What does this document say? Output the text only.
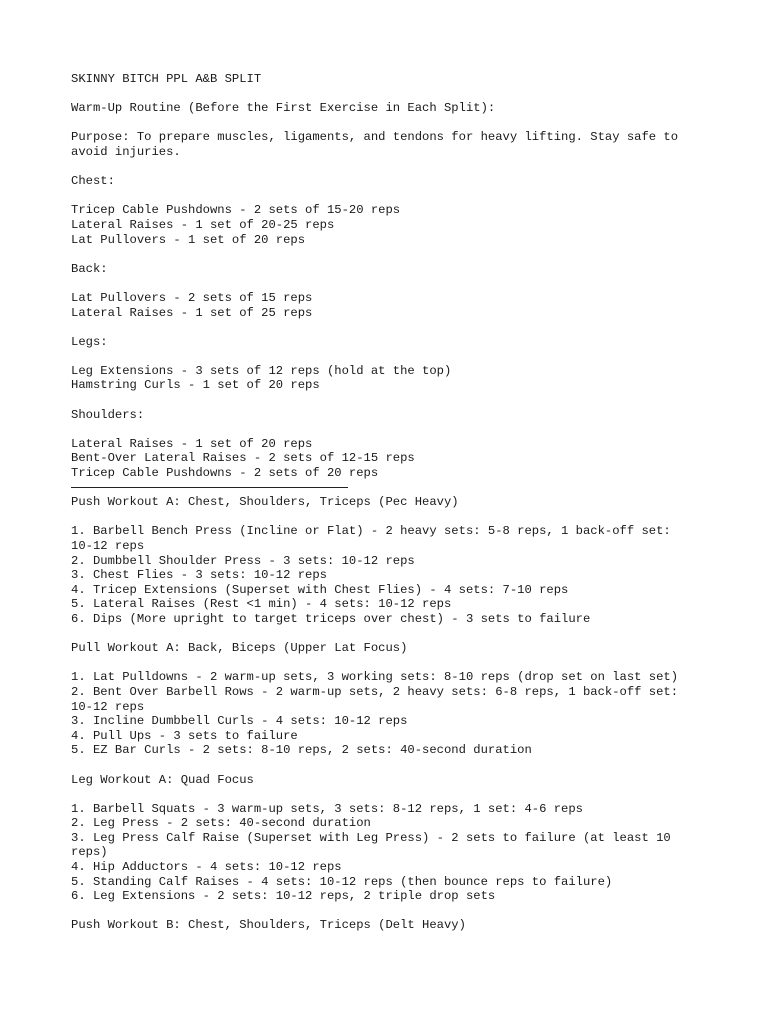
SKINNY BITCH PPL A&B SPLIT
Warm-Up Routine (Before the First Exercise in Each Split):
Purpose: To prepare muscles, ligaments, and tendons for heavy lifting. Stay safe to
avoid injuries.
Chest:
Tricep Cable Pushdowns - 2 sets of 15-20 reps
Lateral Raises - 1 set of 20-25 reps
Lat Pullovers - 1 set of 20 reps
Back:
Lat Pullovers - 2 sets of 15 reps
Lateral Raises - 1 set of 25 reps
Legs:
Leg Extensions - 3 sets of 12 reps (hold at the top)
Hamstring Curls - 1 set of 20 reps
Shoulders:
Lateral Raises - 1 set of 20 reps
Bent-Over Lateral Raises - 2 sets of 12-15 reps
Tricep Cable Pushdowns - 2 sets of 20 reps
Push Workout A: Chest, Shoulders, Triceps (Pec Heavy)
1. Barbell Bench Press (Incline or Flat) - 2 heavy sets: 5-8 reps, 1 back-off set:
10-12 reps
2. Dumbbell Shoulder Press - 3 sets: 10-12 reps
3. Chest Flies - 3 sets: 10-12 reps
4. Tricep Extensions (Superset with Chest Flies) - 4 sets: 7-10 reps
5. Lateral Raises (Rest <1 min) - 4 sets: 10-12 reps
6. Dips (More upright to target triceps over chest) - 3 sets to failure
Pull Workout A: Back, Biceps (Upper Lat Focus)
1. Lat Pulldowns - 2 warm-up sets, 3 working sets: 8-10 reps (drop set on last set)
2. Bent Over Barbell Rows - 2 warm-up sets, 2 heavy sets: 6-8 reps, 1 back-off set:
10-12 reps
3. Incline Dumbbell Curls - 4 sets: 10-12 reps
4. Pull Ups - 3 sets to failure
5. EZ Bar Curls - 2 sets: 8-10 reps, 2 sets: 40-second duration
Leg Workout A: Quad Focus
1. Barbell Squats - 3 warm-up sets, 3 sets: 8-12 reps, 1 set: 4-6 reps
2. Leg Press - 2 sets: 40-second duration
3. Leg Press Calf Raise (Superset with Leg Press) - 2 sets to failure (at least 10
reps)
4. Hip Adductors - 4 sets: 10-12 reps
5. Standing Calf Raises - 4 sets: 10-12 reps (then bounce reps to failure)
6. Leg Extensions - 2 sets: 10-12 reps, 2 triple drop sets
Push Workout B: Chest, Shoulders, Triceps (Delt Heavy)
